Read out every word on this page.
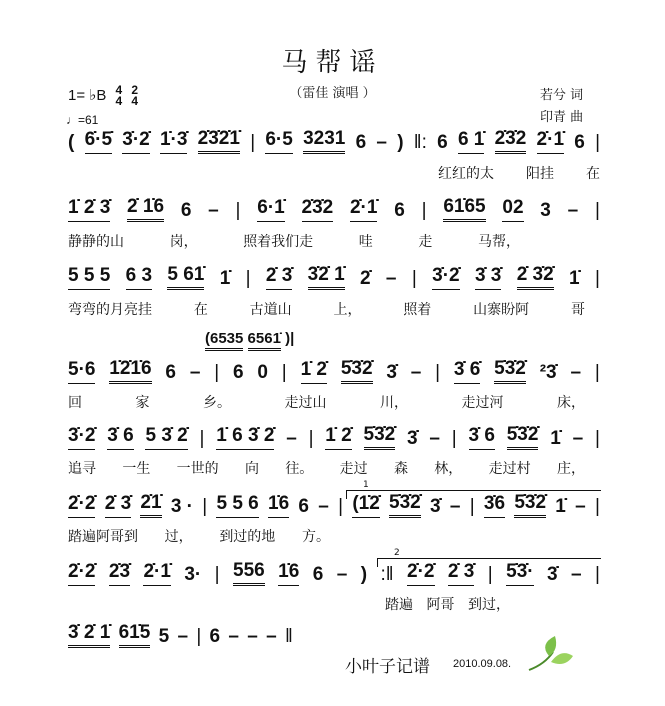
马帮谣
（雷佳 演唱 ）
1= ♭B 4
4 2
4
♩=61
若兮 词
印青 曲
(6535 6561̇ )|
( 6̇·5̇ 3̇·2̇ 1̇·3̇ 2̇3̇2̇1̇ | 6·5 3231 6 – ) ‖: 6 6 1̇ 2̇3̇2 2̇·1̇ 6 |
红红的太 阳挂 在
1̇ 2̇ 3̇ 2̇ 1̇6 6 – | 6·1̇ 2̇3̇2 2̇·1̇ 6 | 61̇65 02 3 – |
静静的山	岗，	照着我们走	哇	走	马帮，
5 5 5 6 3 5 61̇ 1̇ | 2̇ 3̇ 3̇2̇ 1̇ 2̇ – | 3̇·2̇ 3̇ 3̇ 2̇ 3̇2̇ 1̇ |
弯弯的月亮挂	在	古道山	上，	照着	山寨盼阿	哥
5·6 1̇2̇1̇6 6 – | 6 0 | 1̇ 2̇ 5̇3̇2̇ 3̇ – | 3̇ 6̇ 5̇3̇2̇ ²3̇ – |
回	家	乡。	走过山	川，	走过河	床，
3̇·2̇ 3̇ 6 5 3̇ 2̇ | 1̇ 6 3̇ 2̇ – | 1̇ 2̇ 5̇3̇2̇ 3̇ – | 3̇ 6 5̇3̇2̇ 1̇ – |
追寻 一生 一世的 向 往。 走过 森 林， 走过村 庄，
2̇·2̇ 2̇ 3̇ 2̇1̇ 3 · | 5 5 6 1̇6 6 – | (1̇2̇ 5̇3̇2̇ 3̇ – | 3̇6 5̇3̇2̇ 1̇ – |
踏遍阿哥到 过， 到过的地 方。
1
2̇·2̇ 2̇3̇ 2̇·1̇ 3· | 556 1̇6 6 – ) :‖ 2̇·2̇ 2̇ 3̇ | 5̇3̇· 3̇ – |
踏遍 阿哥 到过，
2
3̇ 2̇ 1̇ 61̇5 5 – | 6 – – – ‖
小叶子记谱 2010.09.08.
